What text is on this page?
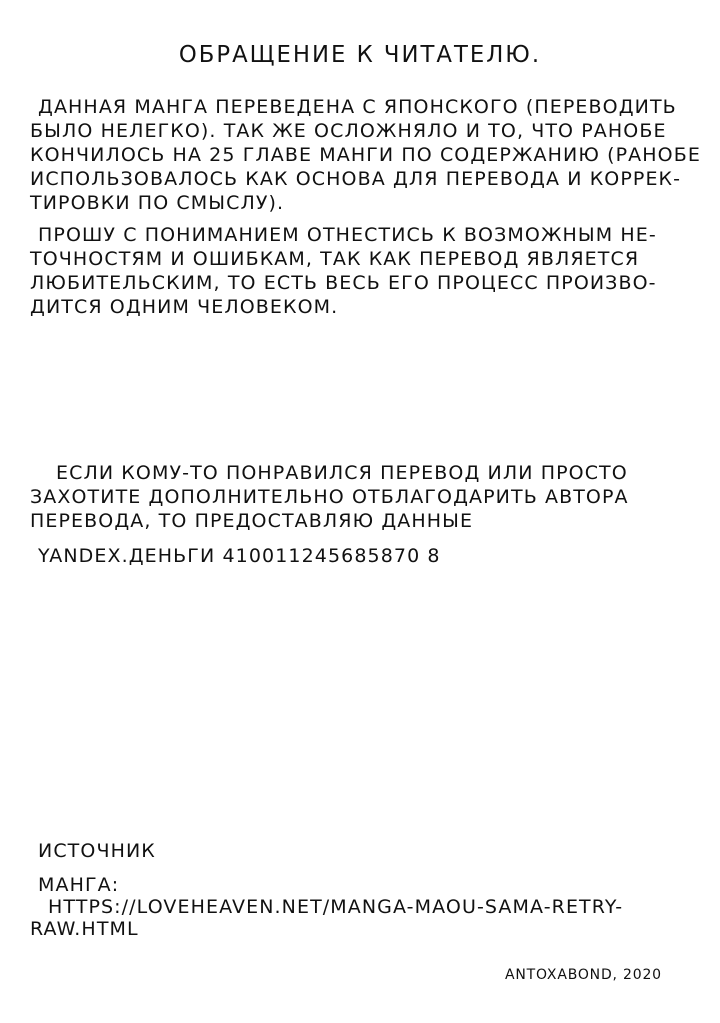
ОБРАЩЕНИЕ К ЧИТАТЕЛЮ.
ДАННАЯ МАНГА ПЕРЕВЕДЕНА С ЯПОНСКОГО (ПЕРЕВОДИТЬ
БЫЛО НЕЛЕГКО). ТАК ЖЕ ОСЛОЖНЯЛО И ТО, ЧТО РАНОБЕ
КОНЧИЛОСЬ НА 25 ГЛАВЕ МАНГИ ПО СОДЕРЖАНИЮ (РАНОБЕ
ИСПОЛЬЗОВАЛОСЬ КАК ОСНОВА ДЛЯ ПЕРЕВОДА И КОРРЕК-
ТИРОВКИ ПО СМЫСЛУ).
ПРОШУ С ПОНИМАНИЕМ ОТНЕСТИСЬ К ВОЗМОЖНЫМ НЕ-
ТОЧНОСТЯМ И ОШИБКАМ, ТАК КАК ПЕРЕВОД ЯВЛЯЕТСЯ
ЛЮБИТЕЛЬСКИМ, ТО ЕСТЬ ВЕСЬ ЕГО ПРОЦЕСС ПРОИЗВО-
ДИТСЯ ОДНИМ ЧЕЛОВЕКОМ.
ЕСЛИ КОМУ-ТО ПОНРАВИЛСЯ ПЕРЕВОД ИЛИ ПРОСТО
ЗАХОТИТЕ ДОПОЛНИТЕЛЬНО ОТБЛАГОДАРИТЬ АВТОРА
ПЕРЕВОДА, ТО ПРЕДОСТАВЛЯЮ ДАННЫЕ
YANDEX.ДЕНЬГИ 410011245685870 8
ИСТОЧНИК
МАНГА:
HTTPS://LOVEHEAVEN.NET/MANGA-MAOU-SAMA-RETRY-
RAW.HTML
ANTOXABOND, 2020
